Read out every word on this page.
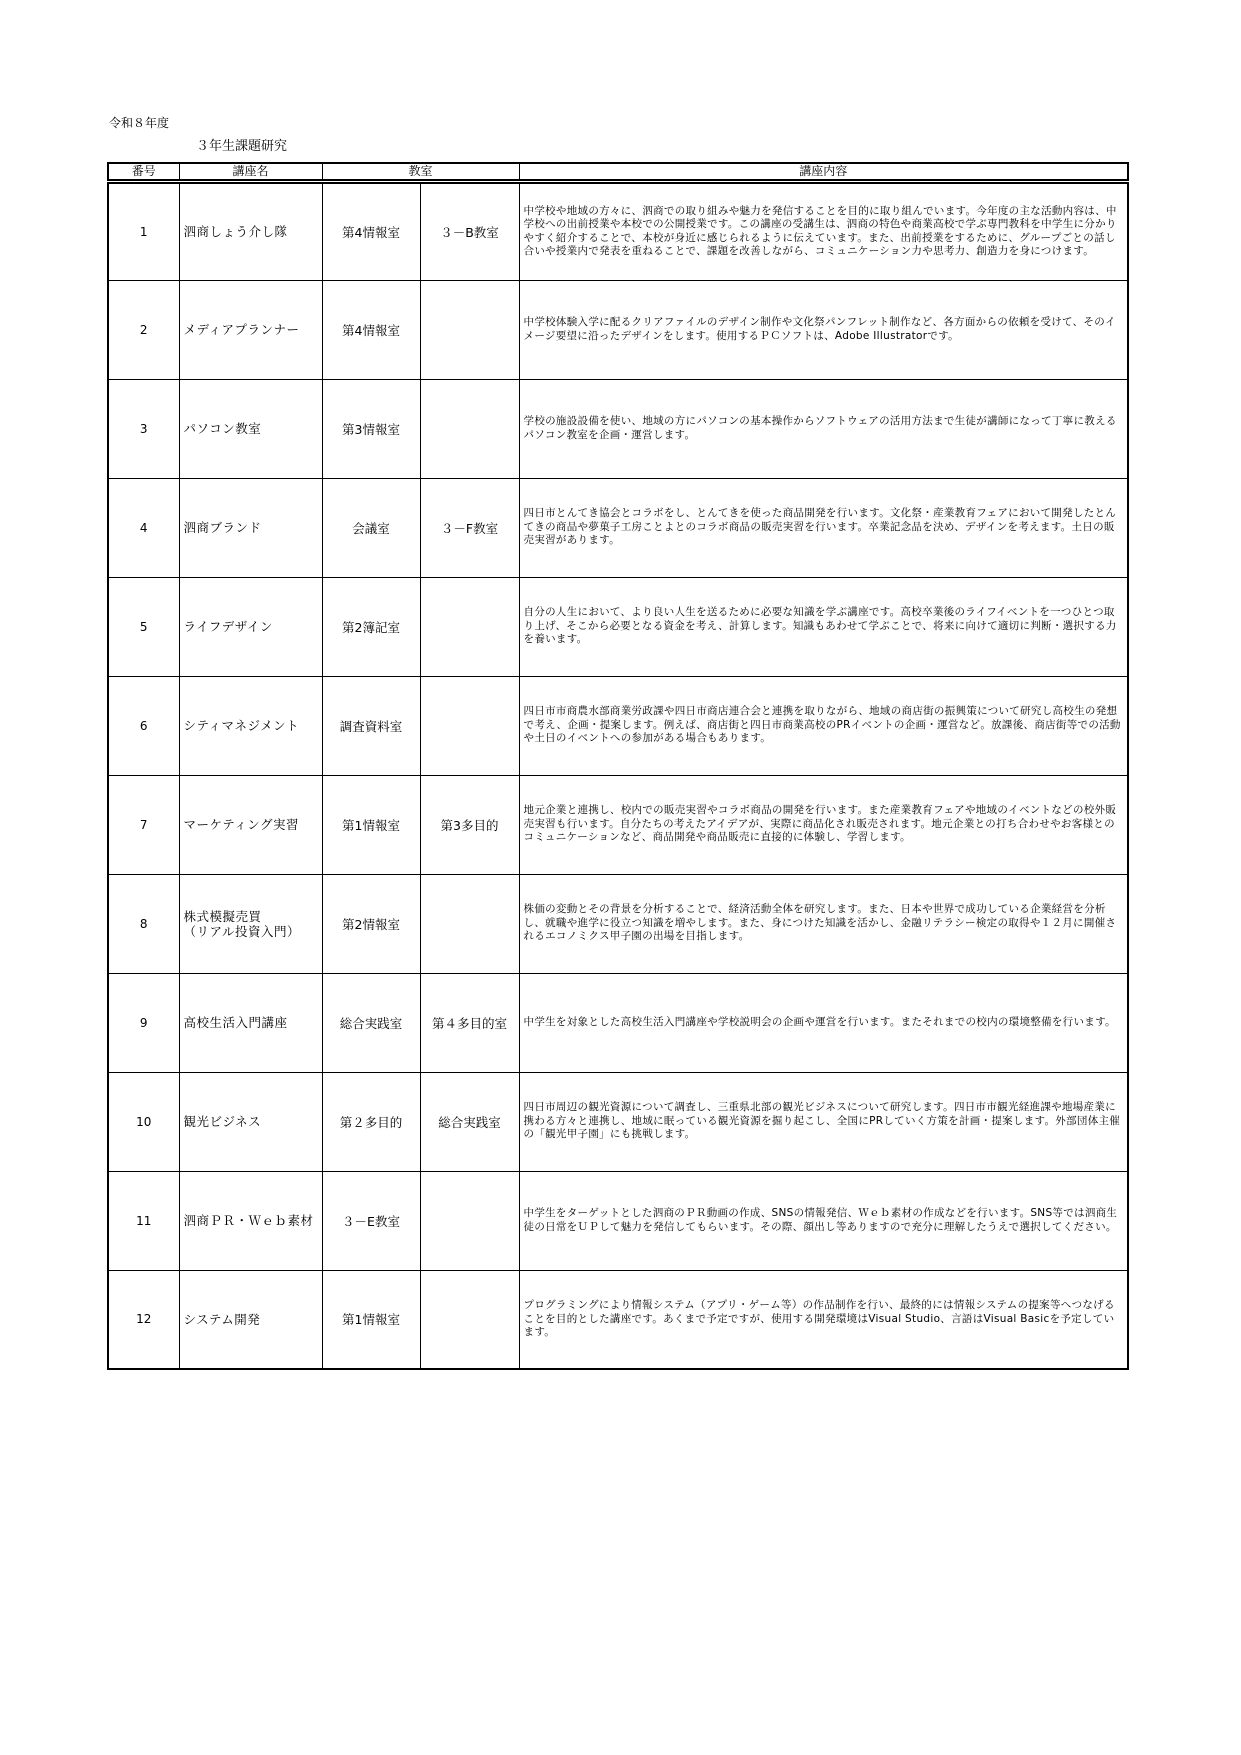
令和８年度
３年生課題研究
番号	講座名	教室		講座内容
1	泗商しょう介し隊	第4情報室	３－B教室	中学校や地域の方々に、泗商での取り組みや魅力を発信することを目的に取り組んでいます。今年度の主な活動内容は、中学校への出前授業や本校での公開授業です。この講座の受講生は、泗商の特色や商業高校で学ぶ専門教科を中学生に分かりやすく紹介することで、本校が身近に感じられるように伝えています。また、出前授業をするために、グループごとの話し合いや授業内で発表を重ねることで、課題を改善しながら、コミュニケーション力や思考力、創造力を身につけます。
2	メディアプランナー	第4情報室		中学校体験入学に配るクリアファイルのデザイン制作や文化祭パンフレット制作など、各方面からの依頼を受けて、そのイメージ要望に沿ったデザインをします。使用するＰＣソフトは、Adobe Illustratorです。
3	パソコン教室	第3情報室		学校の施設設備を使い、地域の方にパソコンの基本操作からソフトウェアの活用方法まで生徒が講師になって丁寧に教えるパソコン教室を企画・運営します。
4	泗商ブランド	会議室	３－F教室	四日市とんてき協会とコラボをし、とんてきを使った商品開発を行います。文化祭・産業教育フェアにおいて開発したとんてきの商品や夢菓子工房ことよとのコラボ商品の販売実習を行います。卒業記念品を決め、デザインを考えます。土日の販売実習があります。
5	ライフデザイン	第2簿記室		自分の人生において、より良い人生を送るために必要な知識を学ぶ講座です。高校卒業後のライフイベントを一つひとつ取り上げ、そこから必要となる資金を考え、計算します。知識もあわせて学ぶことで、将来に向けて適切に判断・選択する力を養います。
6	シティマネジメント	調査資料室		四日市市商農水部商業労政課や四日市商店連合会と連携を取りながら、地域の商店街の振興策について研究し高校生の発想で考え、企画・提案します。例えば、商店街と四日市商業高校のPRイベントの企画・運営など。放課後、商店街等での活動や土日のイベントへの参加がある場合もあります。
7	マーケティング実習	第1情報室	第3多目的	地元企業と連携し、校内での販売実習やコラボ商品の開発を行います。また産業教育フェアや地域のイベントなどの校外販売実習も行います。自分たちの考えたアイデアが、実際に商品化され販売されます。地元企業との打ち合わせやお客様とのコミュニケーションなど、商品開発や商品販売に直接的に体験し、学習します。
8	株式模擬売買
（リアル投資入門）	第2情報室		株価の変動とその背景を分析することで、経済活動全体を研究します。また、日本や世界で成功している企業経営を分析し、就職や進学に役立つ知識を増やします。また、身につけた知識を活かし、金融リテラシー検定の取得や１２月に開催されるエコノミクス甲子園の出場を目指します。
9	高校生活入門講座	総合実践室	第４多目的室	中学生を対象とした高校生活入門講座や学校説明会の企画や運営を行います。またそれまでの校内の環境整備を行います。
10	観光ビジネス	第２多目的	総合実践室	四日市周辺の観光資源について調査し、三重県北部の観光ビジネスについて研究します。四日市市観光経進課や地場産業に携わる方々と連携し、地域に眠っている観光資源を掘り起こし、全国にPRしていく方策を計画・提案します。外部団体主催の「観光甲子園」にも挑戦します。
11	泗商ＰＲ・Ｗｅｂ素材	３－E教室		中学生をターゲットとした泗商のＰＲ動画の作成、SNSの情報発信、Ｗｅｂ素材の作成などを行います。SNS等では泗商生徒の日常をＵＰして魅力を発信してもらいます。その際、顔出し等ありますので充分に理解したうえで選択してください。
12	システム開発	第1情報室		プログラミングにより情報システム（アプリ・ゲーム等）の作品制作を行い、最終的には情報システムの提案等へつなげることを目的とした講座です。あくまで予定ですが、使用する開発環境はVisual Studio、言語はVisual Basicを予定しています。
